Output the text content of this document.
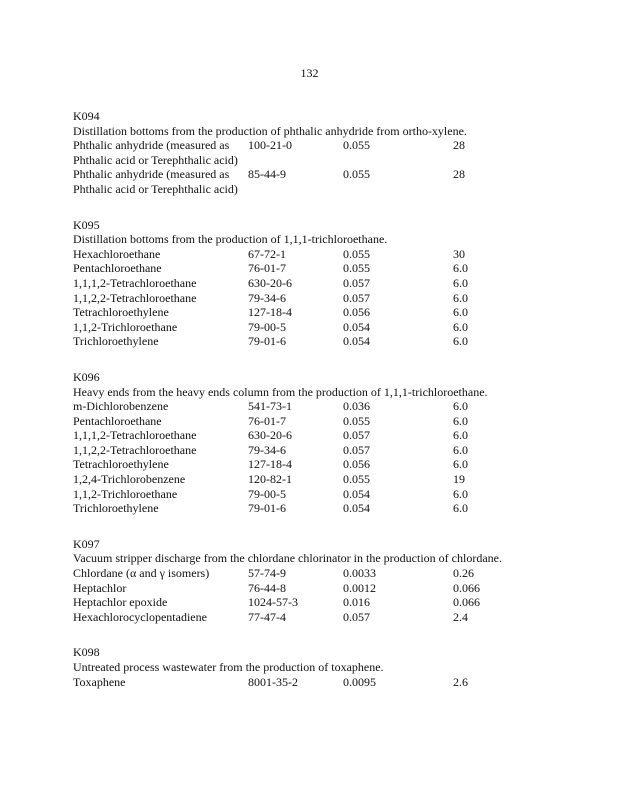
132
K094
Distillation bottoms from the production of phthalic anhydride from ortho-xylene.
Phthalic anhydride (measured as Phthalic acid or Terephthalic acid)	100-21-0	0.055	28
Phthalic anhydride (measured as Phthalic acid or Terephthalic acid)	85-44-9	0.055	28
K095
Distillation bottoms from the production of 1,1,1-trichloroethane.
Hexachloroethane	67-72-1	0.055	30
Pentachloroethane	76-01-7	0.055	6.0
1,1,1,2-Tetrachloroethane	630-20-6	0.057	6.0
1,1,2,2-Tetrachloroethane	79-34-6	0.057	6.0
Tetrachloroethylene	127-18-4	0.056	6.0
1,1,2-Trichloroethane	79-00-5	0.054	6.0
Trichloroethylene	79-01-6	0.054	6.0
K096
Heavy ends from the heavy ends column from the production of 1,1,1-trichloroethane.
m-Dichlorobenzene	541-73-1	0.036	6.0
Pentachloroethane	76-01-7	0.055	6.0
1,1,1,2-Tetrachloroethane	630-20-6	0.057	6.0
1,1,2,2-Tetrachloroethane	79-34-6	0.057	6.0
Tetrachloroethylene	127-18-4	0.056	6.0
1,2,4-Trichlorobenzene	120-82-1	0.055	19
1,1,2-Trichloroethane	79-00-5	0.054	6.0
Trichloroethylene	79-01-6	0.054	6.0
K097
Vacuum stripper discharge from the chlordane chlorinator in the production of chlordane.
Chlordane (α and γ isomers)	57-74-9	0.0033	0.26
Heptachlor	76-44-8	0.0012	0.066
Heptachlor epoxide	1024-57-3	0.016	0.066
Hexachlorocyclopentadiene	77-47-4	0.057	2.4
K098
Untreated process wastewater from the production of toxaphene.
Toxaphene	8001-35-2	0.0095	2.6
